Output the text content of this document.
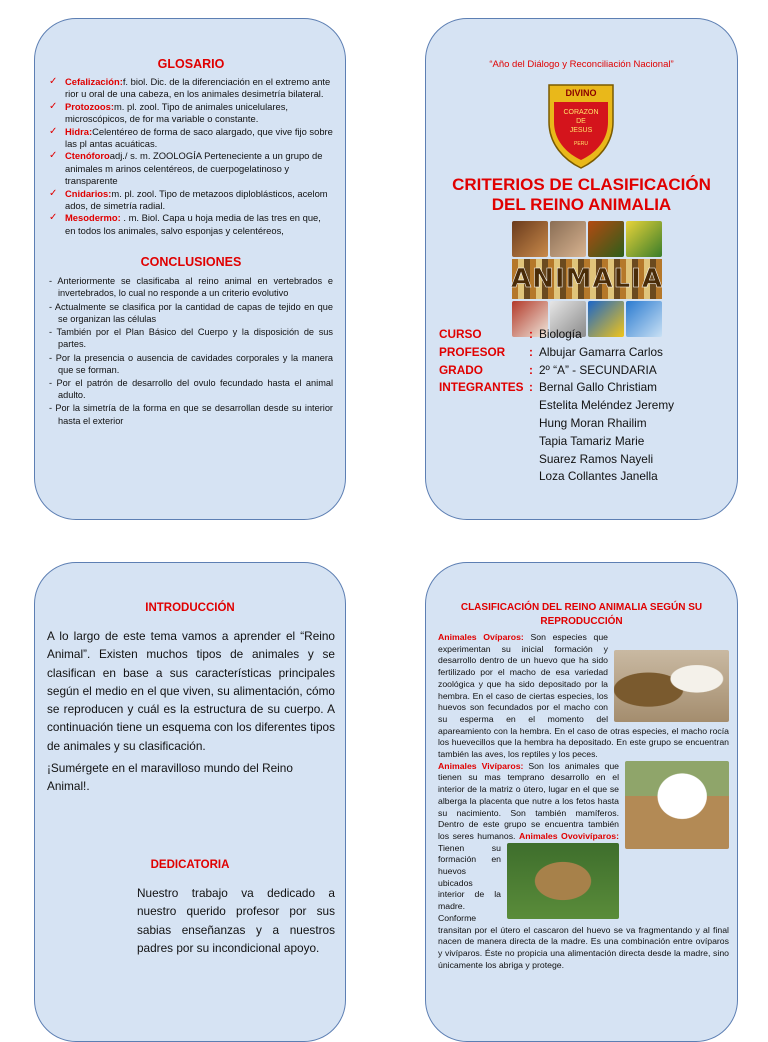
GLOSARIO
✓ Cefalización:f. biol. Dic. de la diferenciación en el extremo ante rior u oral de una cabeza, en los animales desimetría bilateral.
✓ Protozoos:m. pl. zool. Tipo de animales unicelulares, microscópicos, de for ma variable o constante.
✓ Hidra:Celentéreo de forma de saco alargado, que vive fijo sobre las pl antas acuáticas.
✓ Ctenóforoadj./ s. m. ZOOLOGÍA Perteneciente a un grupo de animales m arinos celentéreos, de cuerpogelatinoso y transparente
✓ Cnidarios:m. pl. zool. Tipo de metazoos diploblásticos, acelom ados, de simetría radial.
✓ Mesodermo: . m. Biol. Capa u hoja media de las tres en que, en todos los animales, salvo esponjas y celentéreos,
CONCLUSIONES
- Anteriormente se clasificaba al reino animal en vertebrados e invertebrados, lo cual no responde a un criterio evolutivo
- Actualmente se clasifica por la cantidad de capas de tejido en que se organizan las células
- También por el Plan Básico del Cuerpo y la disposición de sus partes.
- Por la presencia o ausencia de cavidades corporales y la manera que se forman.
- Por el patrón de desarrollo del ovulo fecundado hasta el animal adulto.
- Por la simetría de la forma en que se desarrollan desde su interior hasta el exterior
“Año del Diálogo y Reconciliación Nacional”
DIVINO
CORAZON
DE
JESUS
PERU
CRITERIOS DE CLASIFICACIÓN
DEL REINO ANIMALIA
ANIMALIA
CURSO	: Biología
PROFESOR	: Albujar Gamarra Carlos
GRADO	: 2º “A” - SECUNDARIA
INTEGRANTES : Bernal Gallo Christiam
Estelita Meléndez Jeremy
Hung Moran Rhailim
Tapia Tamariz Marie
Suarez Ramos Nayeli
Loza Collantes Janella
INTRODUCCIÓN
A lo largo de este tema vamos a aprender el “Reino Animal”. Existen muchos tipos de animales y se clasifican en base a sus características principales según el medio en el que viven, su alimentación, cómo se reproducen y cuál es la estructura de su cuerpo. A continuación tiene un esquema con los diferentes tipos de animales y su clasificación.
¡Sumérgete en el maravilloso mundo del Reino Animal!.
DEDICATORIA
Nuestro trabajo va dedicado a nuestro querido profesor por sus sabias enseñanzas y a nuestros padres por su incondicional apoyo.
CLASIFICACIÓN DEL REINO ANIMALIA SEGÚN SU REPRODUCCIÓN
Animales Ovíparos: Son especies que experimentan su inicial formación y desarrollo dentro de un huevo que ha sido fertilizado por el macho de esa variedad zoológica y que ha sido depositado por la hembra. En el caso de ciertas especies, los huevos son fecundados por el macho con su esperma en el momento del apareamiento con la hembra. En el caso de otras especies, el macho rocía los huevecillos que la hembra ha depositado. En este grupo se encuentran también las aves, los reptiles y los peces.
Animales Vivíparos: Son los animales que tienen su mas temprano desarrollo en el interior de la matriz o útero, lugar en el que se alberga la placenta que nutre a los fetos hasta su nacimiento. Son también mamíferos. Dentro de este grupo se encuentra también los seres humanos. Animales Ovovivíparos: Tienen su formación en huevos ubicados interior de la madre. Conforme transitan por el útero el cascaron del huevo se va fragmentando y al final nacen de manera directa de la madre. Es una combinación entre ovíparos y vivíparos. Éste no propicia una alimentación directa desde la madre, sino únicamente los abriga y protege.
